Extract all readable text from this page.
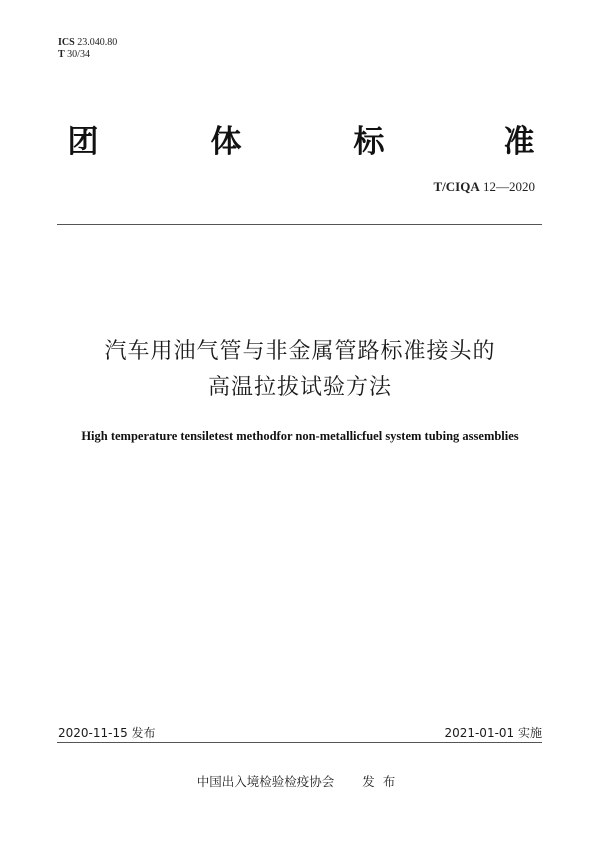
ICS 23.040.80
T 30/34
团	体	标	准
T/CIQA 12—2020
汽车用油气管与非金属管路标准接头的
高温拉拔试验方法
High temperature tensiletest methodfor non-metallicfuel system tubing assemblies
2020-11-15 发布	2021-01-01 实施
中国出入境检验检疫协会 发布
